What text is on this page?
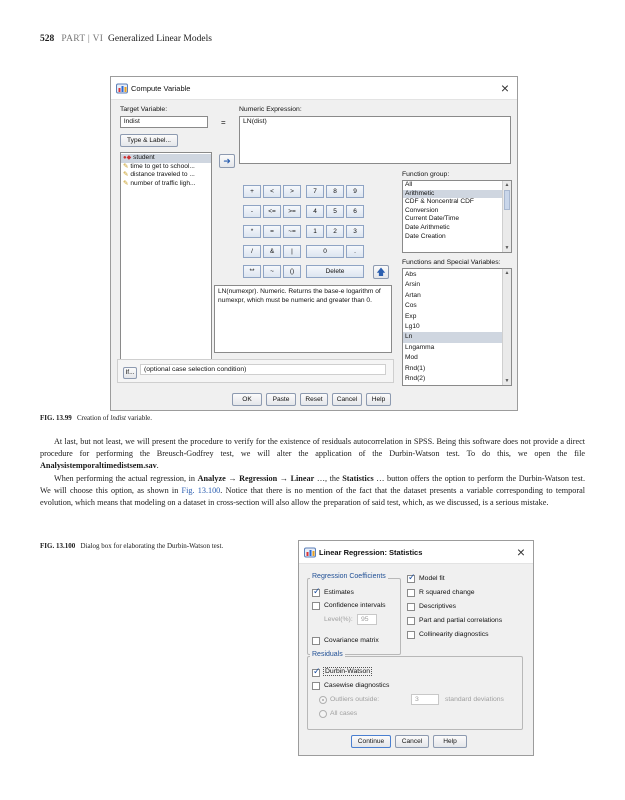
528 PART | VI Generalized Linear Models
Compute Variable	×
Target Variable:
lndist	=
Numeric Expression:
LN(dist)
Type & Label...
●◆ student
✎ time to get to school...
✎ distance traveled to ...
✎ number of traffic ligh...
➜
+	<	>	7	8	9
-	<=	>=	4	5	6
*	=	~=	1	2	3
/	&	|	0	.
**	~	()	Delete	🡅
LN(numexpr). Numeric. Returns the base-e logarithm of numexpr, which must be numeric and greater than 0.
Function group:
All
Arithmetic
CDF & Noncentral CDF
Conversion
Current Date/Time
Date Arithmetic
Date Creation
▲
▼
Functions and Special Variables:
Abs
Arsin
Artan
Cos
Exp
Lg10
Ln
Lngamma
Mod
Rnd(1)
Rnd(2)
▲
▼
If...	(optional case selection condition)
OK	Paste	Reset	Cancel	Help
FIG. 13.99 Creation of lndist variable.

At last, but not least, we will present the procedure to verify for the existence of residuals autocorrelation in SPSS. Being this software does not provide a direct procedure for performing the Breusch-Godfrey test, we will alter the application of the Durbin-Watson test. To do this, we open the file Analysistemporaltimedistsem.sav.

When performing the actual regression, in Analyze → Regression → Linear …, the Statistics … button offers the option to perform the Durbin-Watson test. We will choose this option, as shown in Fig. 13.100. Notice that there is no mention of the fact that the dataset presents a variable corresponding to temporal evolution, which means that modeling on a dataset in cross-section will also allow the preparation of said test, which, as we discussed, is a serious mistake.

FIG. 13.100 Dialog box for elaborating the Durbin-Watson test.
Linear Regression: Statistics	×
Regression Coefficients
✓
Estimates
Confidence intervals
Level(%):	95
Covariance matrix
✓
Model fit
R squared change
Descriptives
Part and partial correlations
Collinearity diagnostics
Residuals
✓
Durbin-Watson
Casewise diagnostics
Outliers outside:	3	standard deviations
All cases
Continue	Cancel	Help
